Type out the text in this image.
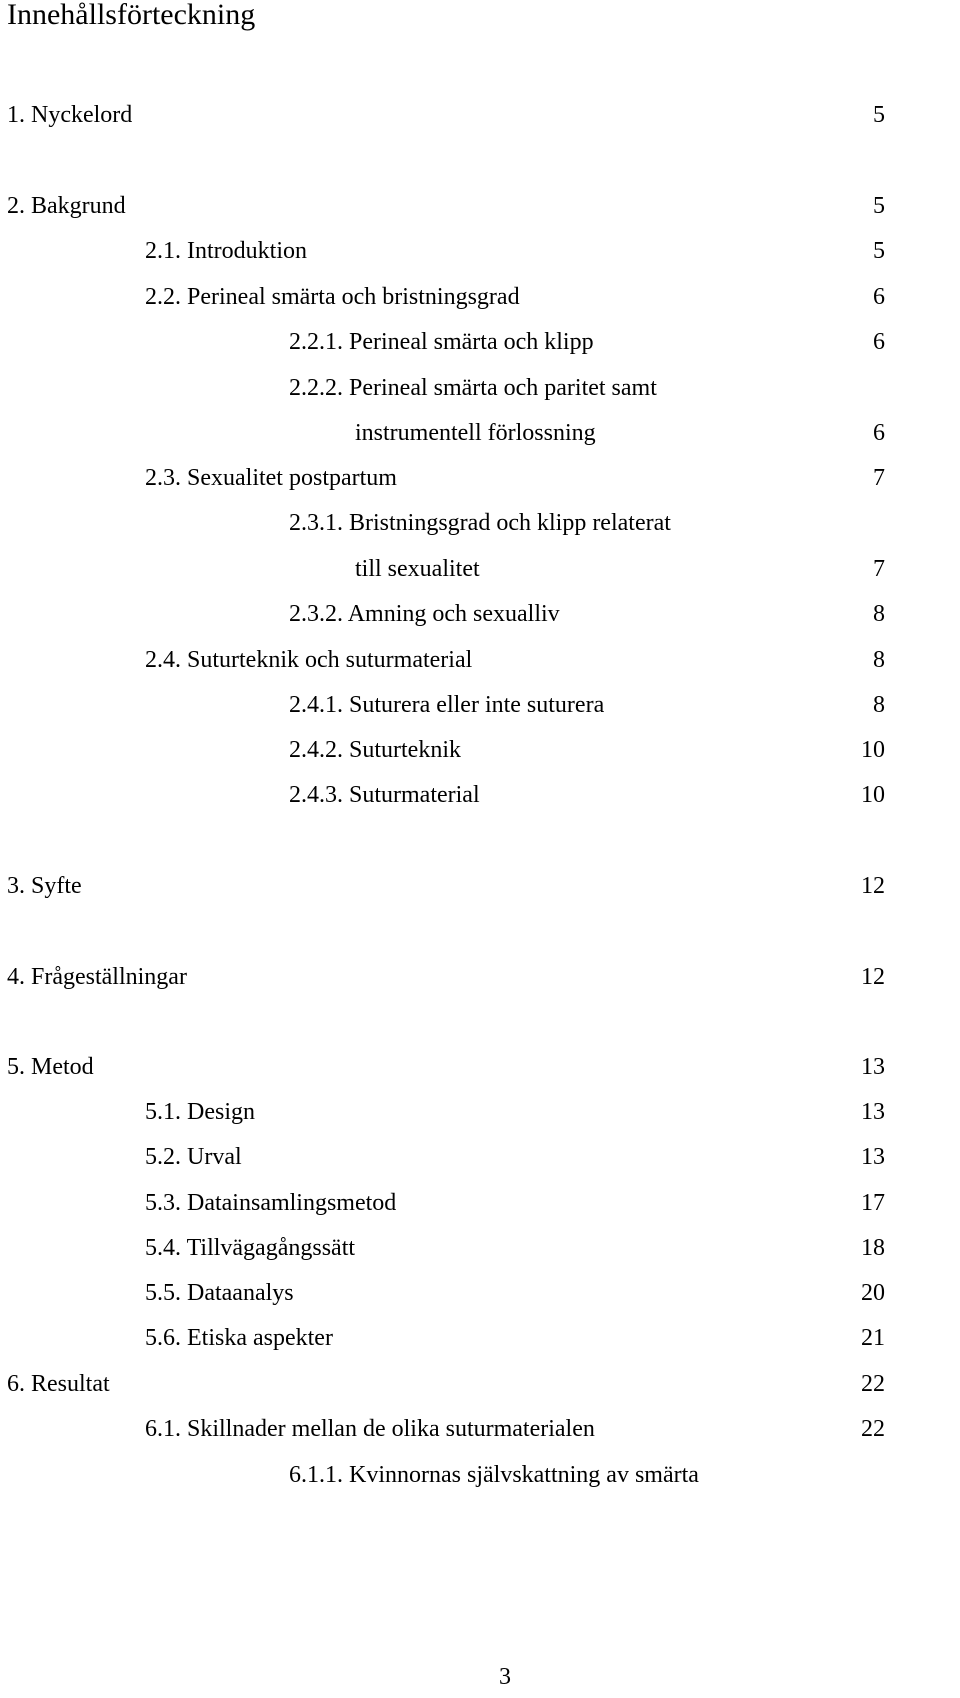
Innehållsförteckning
1. Nyckelord	5
2. Bakgrund	5
2.1. Introduktion	5
2.2. Perineal smärta och bristningsgrad	6
2.2.1. Perineal smärta och klipp	6
2.2.2. Perineal smärta och paritet samt
instrumentell förlossning	6
2.3. Sexualitet postpartum	7
2.3.1. Bristningsgrad och klipp relaterat
till sexualitet	7
2.3.2. Amning och sexualliv	8
2.4. Suturteknik och suturmaterial	8
2.4.1. Suturera eller inte suturera	8
2.4.2. Suturteknik	10
2.4.3. Suturmaterial	10
3. Syfte	12
4. Frågeställningar	12
5. Metod	13
5.1. Design	13
5.2. Urval	13
5.3. Datainsamlingsmetod	17
5.4. Tillvägagångssätt	18
5.5. Dataanalys	20
5.6. Etiska aspekter	21
6. Resultat	22
6.1. Skillnader mellan de olika suturmaterialen	22
6.1.1. Kvinnornas självskattning av smärta
3
